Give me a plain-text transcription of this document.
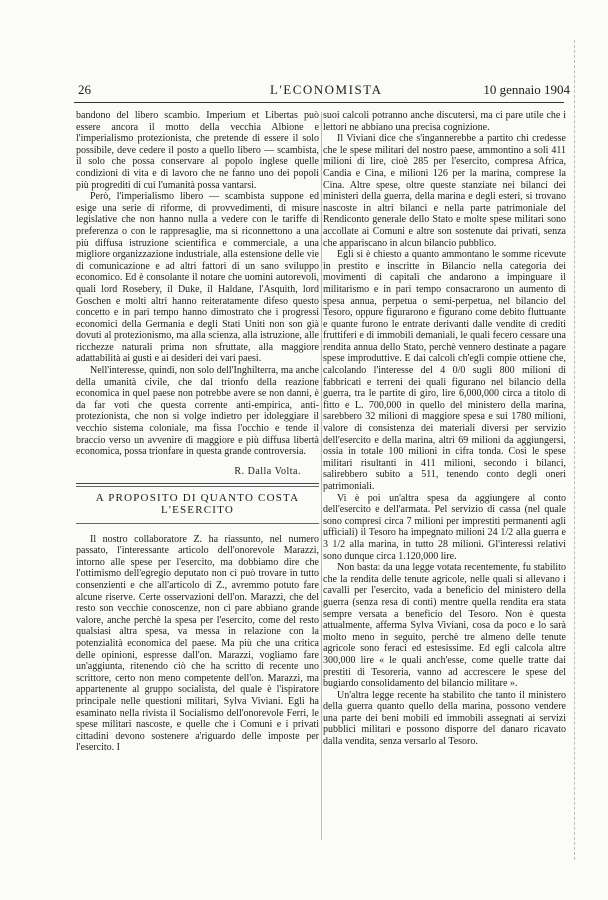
26	L'ECONOMISTA	10 gennaio 1904

bandono del libero scambio. Imperium et Libertas può essere ancora il motto della vecchia Albione e l'imperialismo protezionista, che pretende di essere il solo possibile, deve cedere il posto a quello libero — scambista, il solo che possa conservare al popolo inglese quelle condizioni di vita e di lavoro che ne fanno uno dei popoli più progrediti di cui l'umanità possa vantarsi.

Però, l'imperialismo libero — scambista suppone ed esige una serie di riforme, di provvedimenti, di misure legislative che non hanno nulla a vedere con le tariffe di preferenza o con le rappresaglie, ma si riconnettono a una più diffusa istruzione scientifica e commerciale, a una migliore organizzazione industriale, alla estensione delle vie di comunicazione e ad altri fattori di un sano sviluppo economico. Ed è consolante il notare che uomini autorevoli, quali lord Rosebery, il Duke, il Haldane, l'Asquith, lord Goschen e molti altri hanno reiteratamente difeso questo concetto e in pari tempo hanno dimostrato che i progressi economici della Germania e degli Stati Uniti non son già dovuti al protezionismo, ma alla scienza, alla istruzione, alle ricchezze naturali prima non sfruttate, alla maggiore adattabilità ai gusti e ai desideri dei vari paesi.

Nell'interesse, quindi, non solo dell'Inghilterra, ma anche della umanità civile, che dal trionfo della reazione economica in quel paese non potrebbe avere se non danni, è da far voti che questa corrente anti-empirica, anti-protezionista, che non si volge indietro per idoleggiare il vecchio sistema coloniale, ma fissa l'occhio e tende il braccio verso un avvenire di maggiore e più diffusa libertà economica, possa trionfare in questa grande controversia.

R. Dalla Volta.

A PROPOSITO DI QUANTO COSTA L'ESERCITO

Il nostro collaboratore Z. ha riassunto, nel numero passato, l'interessante articolo dell'onorevole Marazzi, intorno alle spese per l'esercito, ma dobbiamo dire che l'ottimismo dell'egregio deputato non ci può trovare in tutto consenzienti e che all'articolo di Z., avremmo potuto fare alcune riserve. Certe osservazioni dell'on. Marazzi, che del resto son vecchie conoscenze, non ci pare abbiano grande valore, anche perchè la spesa per l'esercito, come del resto qualsiasi altra spesa, va messa in relazione con la potenzialità economica del paese. Ma più che una critica delle opinioni, espresse dall'on. Marazzi, vogliamo fare un'aggiunta, ritenendo ciò che ha scritto di recente uno scrittore, certo non meno competente dell'on. Marazzi, ma appartenente al gruppo socialista, del quale è l'ispiratore principale nelle questioni militari, Sylva Viviani. Egli ha esaminato nella rivista il Socialismo dell'onorevole Ferri, le spese militari nascoste, e quelle che i Comuni e i privati cittadini devono sostenere a'riguardo delle imposte per l'esercito. I

suoi calcoli potranno anche discutersi, ma ci pare utile che i lettori ne abbiano una precisa cognizione.

Il Viviani dice che s'ingannerebbe a partito chi credesse che le spese militari del nostro paese, ammontino a soli 411 milioni di lire, cioè 285 per l'esercito, compresa Africa, Candia e Cina, e milioni 126 per la marina, comprese la Cina. Altre spese, oltre queste stanziate nei bilanci dei ministeri della guerra, della marina e degli esteri, si trovano nascoste in altri bilanci e nella parte patrimoniale del Rendiconto generale dello Stato e molte spese militari sono accollate ai Comuni e altre son sostenute dai privati, senza che appariscano in alcun bilancio pubblico.

Egli si è chiesto a quanto ammontano le somme ricevute in prestito e inscritte in Bilancio nella categoria dei movimenti di capitali che andarono a impinguare il militarismo e in pari tempo consacrarono un aumento di spesa annua, perpetua o semi-perpetua, nel bilancio del Tesoro, oppure figurarono e figurano come debito fluttuante e quante furono le entrate derivanti dalle vendite di crediti fruttiferi e di immobili demaniali, le quali fecero cessare una rendita annua dello Stato, perchè vennero destinate a pagare spese improduttive. E dai calcoli ch'egli compie ottiene che, calcolando l'interesse del 4 0/0 sugli 800 milioni di fabbricati e terreni dei quali figurano nel bilancio della guerra, tra le partite di giro, lire 6,000,000 circa a titolo di fitto e L. 700,000 in quello del ministero della marina, sarebbero 32 milioni di maggiore spesa e sui 1780 milioni, valore di consistenza dei materiali diversi per servizio dell'esercito e della marina, altri 69 milioni da aggiungersi, ossia in totale 100 milioni in cifra tonda. Così le spese militari risultanti in 411 milioni, secondo i bilanci, salirebbero subito a 511, tenendo conto degli oneri patrimoniali.

Vi è poi un'altra spesa da aggiungere al conto dell'esercito e dell'armata. Pel servizio di cassa (nel quale sono compresi circa 7 milioni per imprestiti permanenti agli ufficiali) il Tesoro ha impegnato milioni 24 1/2 alla guerra e 3 1/2 alla marina, in tutto 28 milioni. Gl'interessi relativi sono dunque circa 1.120,000 lire.

Non basta: da una legge votata recentemente, fu stabilito che la rendita delle tenute agricole, nelle quali si allevano i cavalli per l'esercito, vada a beneficio del ministero della guerra (senza resa di conti) mentre quella rendita era stata sempre versata a beneficio del Tesoro. Non è questa attualmente, afferma Sylva Viviani, cosa da poco e lo sarà molto meno in seguito, perchè tre almeno delle tenute agricole sono feraci ed estesissime. Ed egli calcola altre 300,000 lire « le quali anch'esse, come quelle tratte dai prestiti di Tesoreria, vanno ad accrescere le spese del bugiardo consolidamento del bilancio militare ».

Un'altra legge recente ha stabilito che tanto il ministero della guerra quanto quello della marina, possono vendere una parte dei beni mobili ed immobili assegnati ai servizi pubblici militari e possono disporre del danaro ricavato dalla vendita, senza versarlo al Tesoro.
